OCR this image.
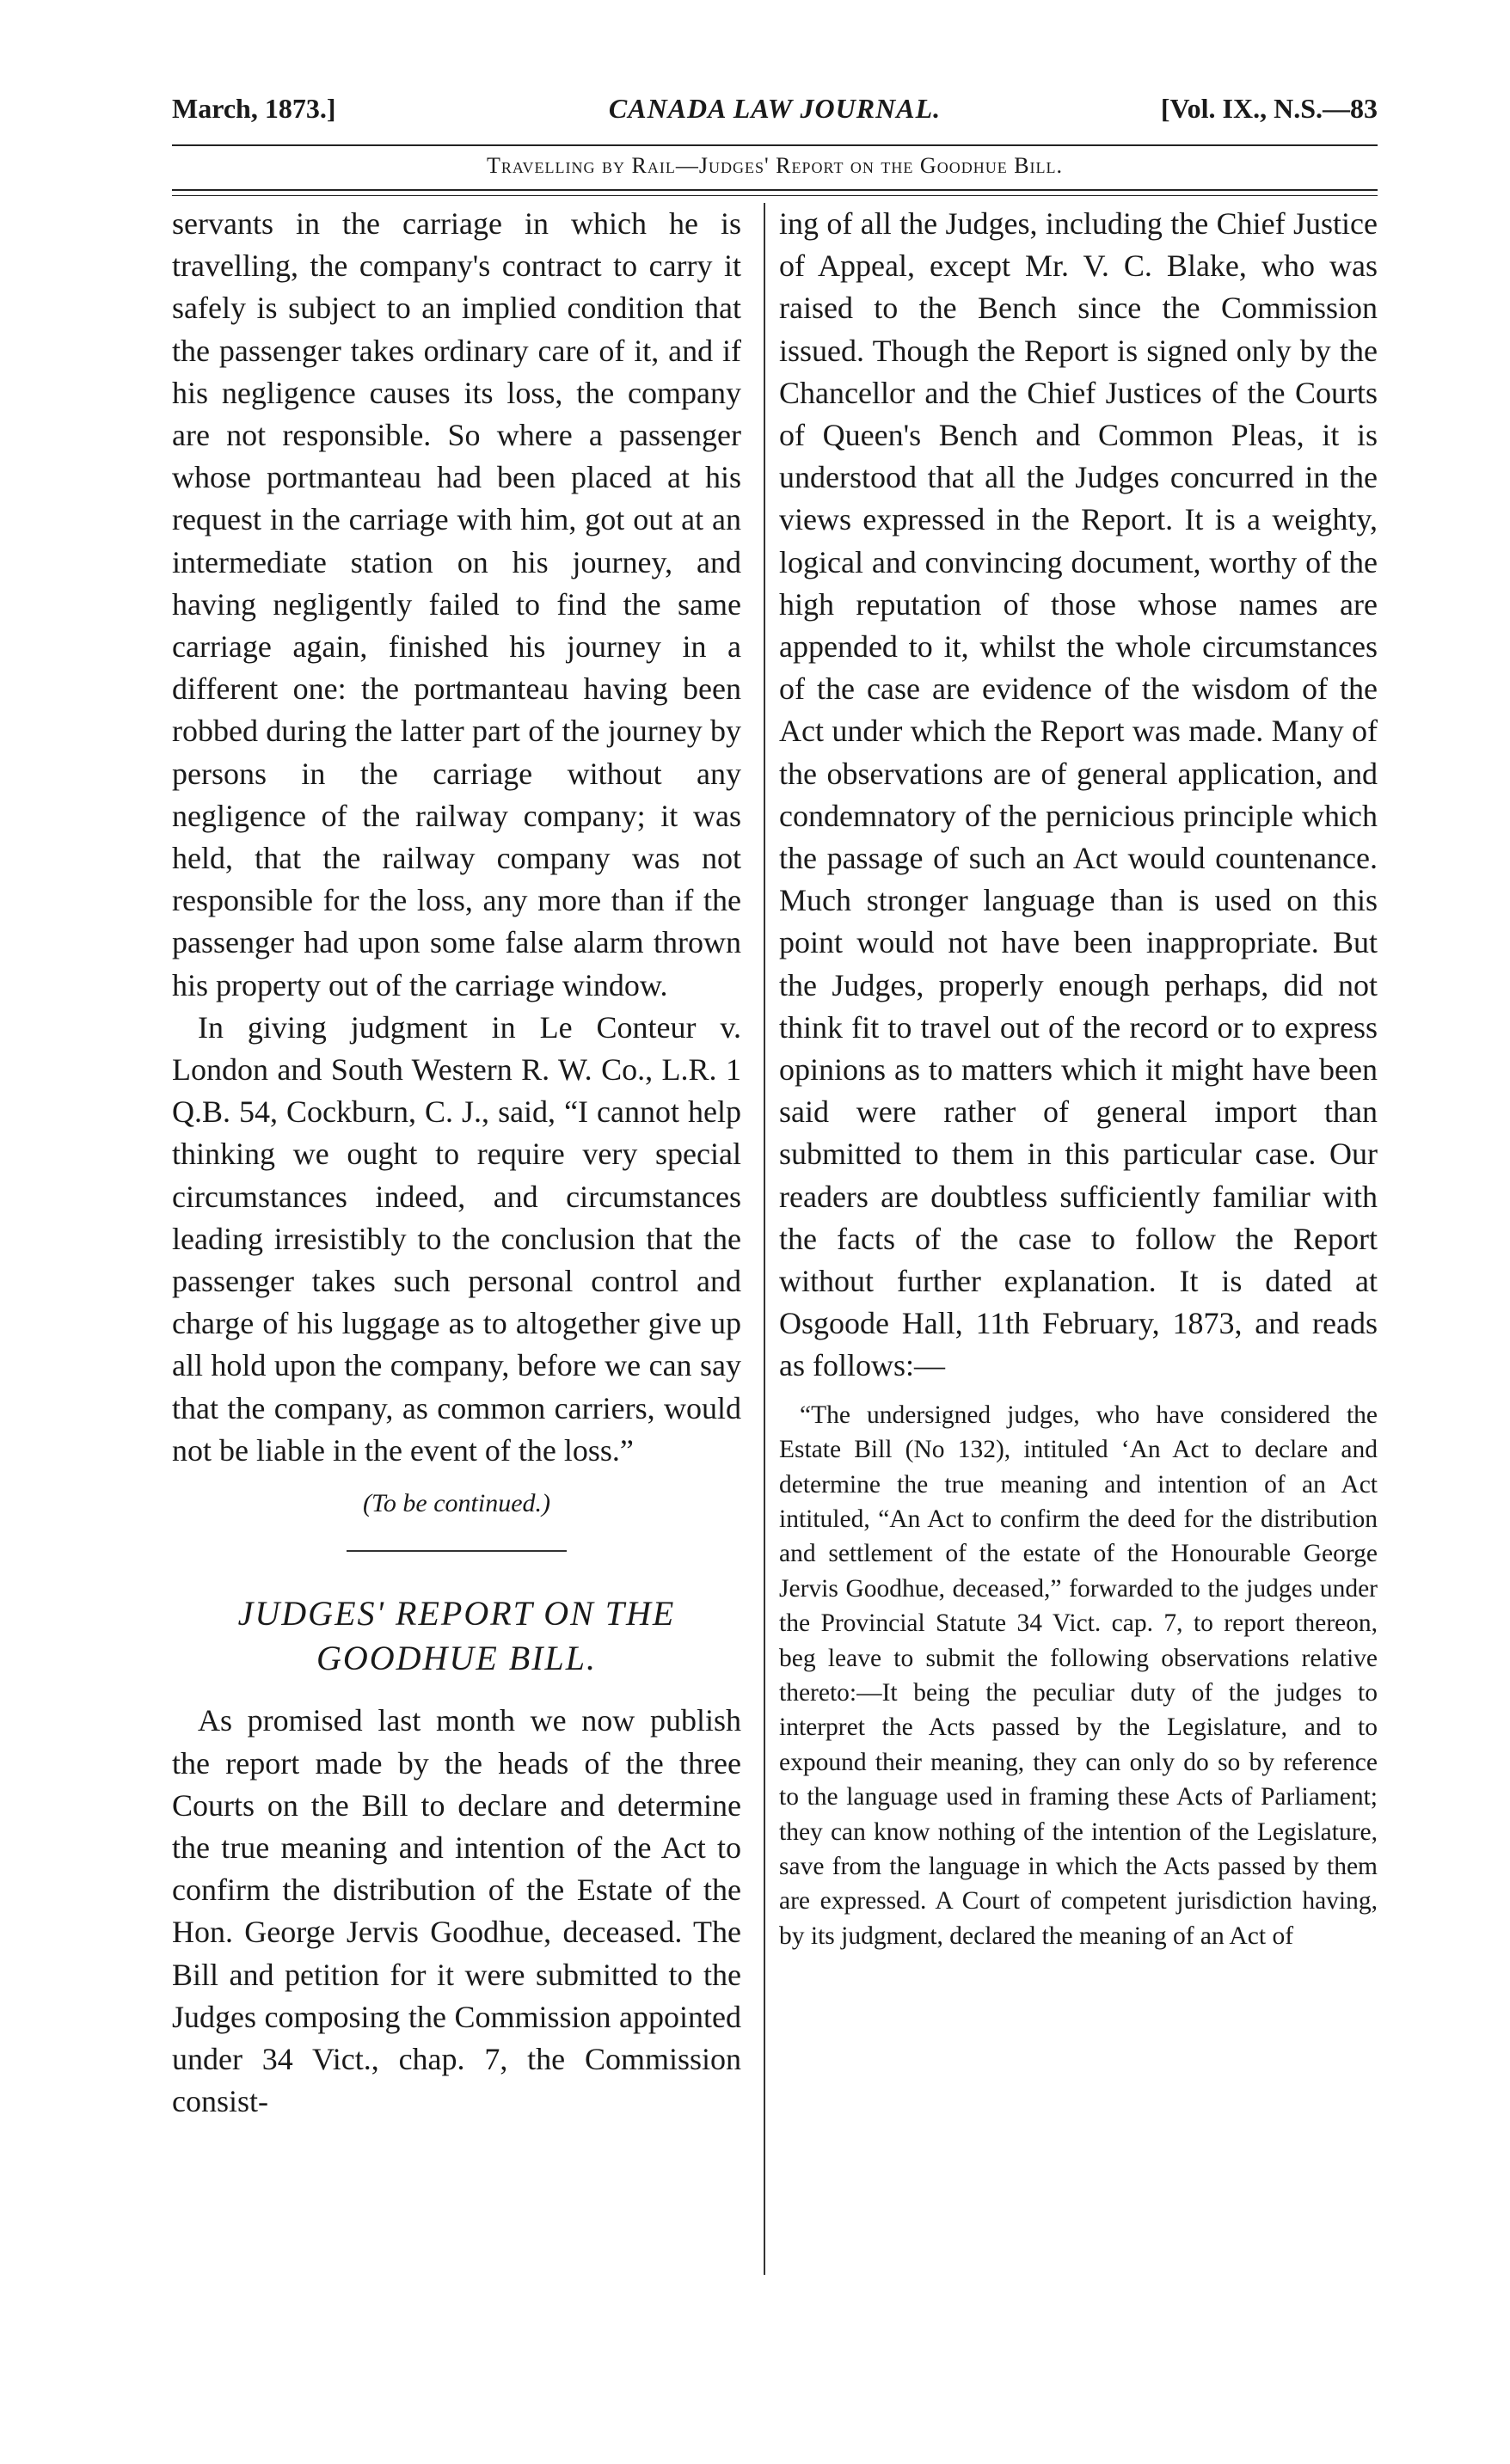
March, 1873.]	CANADA LAW JOURNAL.	[Vol. IX., N.S.—83
Travelling by Rail—Judges' Report on the Goodhue Bill.

servants in the carriage in which he is travelling, the company's contract to carry it safely is subject to an implied condition that the passenger takes ordinary care of it, and if his negligence causes its loss, the company are not responsible. So where a passenger whose portmanteau had been placed at his request in the carriage with him, got out at an intermediate station on his journey, and having negligently failed to find the same carriage again, finished his journey in a different one: the portmanteau having been robbed during the latter part of the journey by persons in the carriage without any negligence of the railway company; it was held, that the railway company was not responsible for the loss, any more than if the passenger had upon some false alarm thrown his property out of the carriage window.

In giving judgment in Le Conteur v. London and South Western R. W. Co., L.R. 1 Q.B. 54, Cockburn, C. J., said, “I cannot help thinking we ought to require very special circumstances indeed, and circumstances leading irresistibly to the conclusion that the passenger takes such personal control and charge of his luggage as to altogether give up all hold upon the company, before we can say that the company, as common carriers, would not be liable in the event of the loss.”

(To be continued.)

JUDGES' REPORT ON THE
GOODHUE BILL.

As promised last month we now publish the report made by the heads of the three Courts on the Bill to declare and determine the true meaning and intention of the Act to confirm the distribution of the Estate of the Hon. George Jervis Goodhue, deceased. The Bill and petition for it were submitted to the Judges composing the Commission appointed under 34 Vict., chap. 7, the Commission consist-

ing of all the Judges, including the Chief Justice of Appeal, except Mr. V. C. Blake, who was raised to the Bench since the Commission issued. Though the Report is signed only by the Chancellor and the Chief Justices of the Courts of Queen's Bench and Common Pleas, it is understood that all the Judges concurred in the views expressed in the Report. It is a weighty, logical and convincing document, worthy of the high reputation of those whose names are appended to it, whilst the whole circumstances of the case are evidence of the wisdom of the Act under which the Report was made. Many of the observations are of general application, and condemnatory of the pernicious principle which the passage of such an Act would countenance. Much stronger language than is used on this point would not have been inappropriate. But the Judges, properly enough perhaps, did not think fit to travel out of the record or to express opinions as to matters which it might have been said were rather of general import than submitted to them in this particular case. Our readers are doubtless sufficiently familiar with the facts of the case to follow the Report without further explanation. It is dated at Osgoode Hall, 11th February, 1873, and reads as follows:—

“The undersigned judges, who have considered the Estate Bill (No 132), intituled ‘An Act to declare and determine the true meaning and intention of an Act intituled, “An Act to confirm the deed for the distribution and settlement of the estate of the Honourable George Jervis Goodhue, deceased,” forwarded to the judges under the Provincial Statute 34 Vict. cap. 7, to report thereon, beg leave to submit the following observations relative thereto:—It being the peculiar duty of the judges to interpret the Acts passed by the Legislature, and to expound their meaning, they can only do so by reference to the language used in framing these Acts of Parliament; they can know nothing of the intention of the Legislature, save from the language in which the Acts passed by them are expressed. A Court of competent jurisdiction having, by its judgment, declared the meaning of an Act of
